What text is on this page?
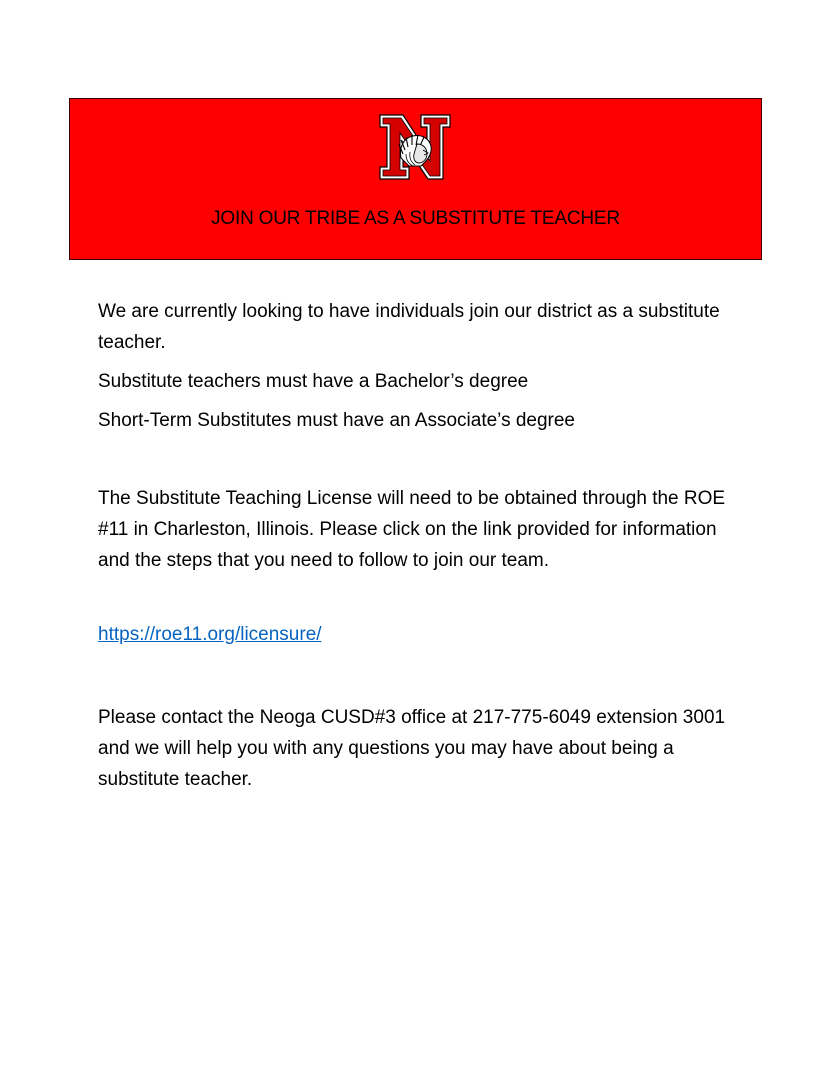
JOIN OUR TRIBE AS A SUBSTITUTE TEACHER

We are currently looking to have individuals join our district as a substitute teacher.

Substitute teachers must have a Bachelor’s degree

Short-Term Substitutes must have an Associate’s degree

The Substitute Teaching License will need to be obtained through the ROE #11 in Charleston, Illinois. Please click on the link provided for information and the steps that you need to follow to join our team.

https://roe11.org/licensure/

Please contact the Neoga CUSD#3 office at 217-775-6049 extension 3001 and we will help you with any questions you may have about being a substitute teacher.
